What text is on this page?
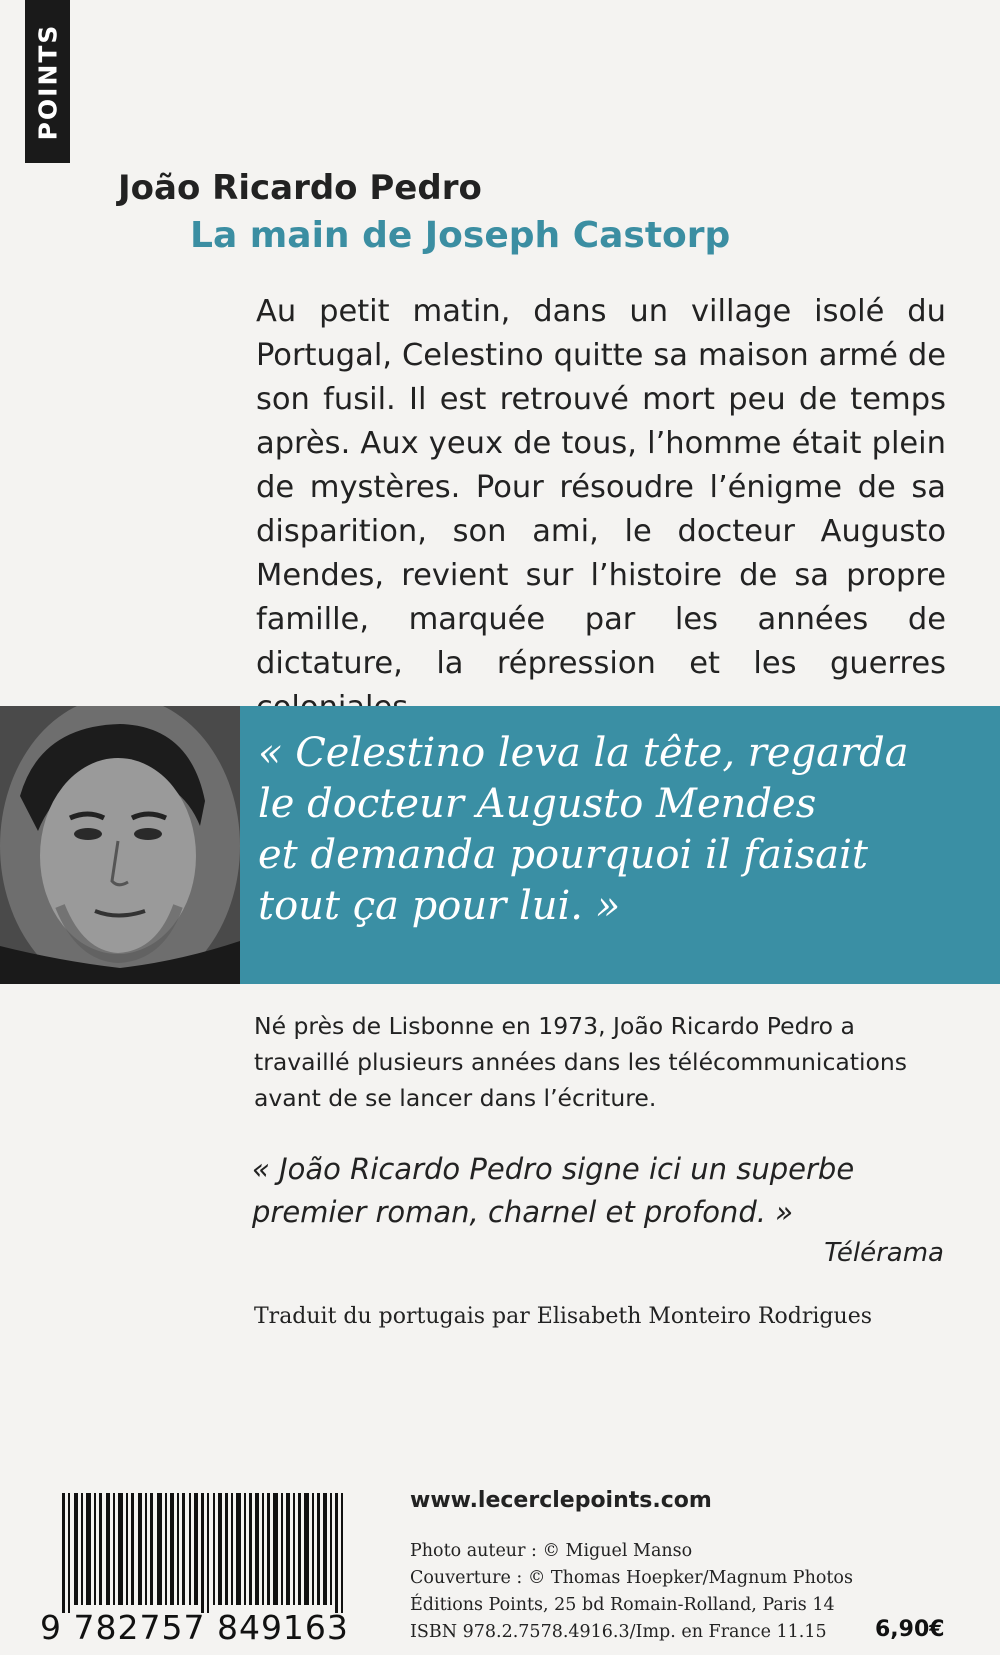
POINTS
João Ricardo Pedro
La main de Joseph Castorp

Au petit matin, dans un village isolé du Portugal, Celestino quitte sa maison armé de son fusil. Il est retrouvé mort peu de temps après. Aux yeux de tous, l’homme était plein de mystères. Pour résoudre l’énigme de sa disparition, son ami, le docteur Augusto Mendes, revient sur l’histoire de sa propre famille, marquée par les années de dictature, la répression et les guerres

« Celestino leva la tête, regarda
le docteur Augusto Mendes
et demanda pourquoi il faisait
tout ça pour lui. »

Né près de Lisbonne en 1973, João Ricardo Pedro a travaillé plusieurs années dans les télécommunications avant de se lancer dans l’écriture.

« João Ricardo Pedro signe ici un superbe
premier roman, charnel et profond. »

Télérama
Traduit du portugais par Elisabeth Monteiro Rodrigues
9 782757 849163
www.lecerclepoints.com
Photo auteur : © Miguel Manso
Couverture : © Thomas Hoepker/Magnum Photos
Éditions Points, 25 bd Romain-Rolland, Paris 14
ISBN 978.2.7578.4916.3/Imp. en France 11.15	6,90€
